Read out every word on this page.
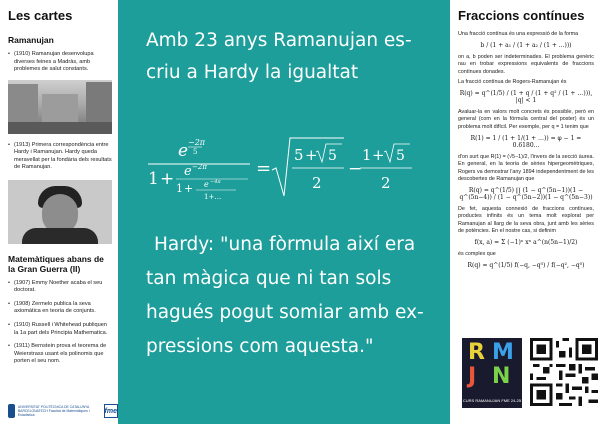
Les cartes
Ramanujan
• (1910) Ramanujan desenvolupa diverses feines a Madràs, amb problemes de salut constants.
• (1913) Primera correspondència entre Hardy i Ramanujan. Hardy queda meravellat per la fondària dels resultats de Ramanujan.
Matemàtiques abans de la Gran Guerra (II)
• (1907) Emmy Noether acaba el seu doctorat.
• (1908) Zermelo publica la seva axiomàtica en teoria de conjunts.
• (1910) Russell i Whitehead publiquen la 1a part dels Principia Mathematica.
• (1911) Bernstein prova el teorema de Weierstrass usant els polinomis que porten el seu nom.
UNIVERSITAT POLITÈCNICA DE CATALUNYA BARCELONATECH Facultat de Matemàtiques i Estadística
fme
Amb 23 anys Ramanujan es-
criu a Hardy la igualtat
e −2π
5
1 + e −2π
1 + e −4π
1+…
=
5 + 5
2
−
1 + 5
2
Hardy: "una fòrmula així era
tan màgica que ni tan sols
hagués pogut somiar amb ex-
pressions com aquesta."
Fraccions contínues
Una fracció contínua és una expressió de la forma
b / (1 + a₁ / (1 + a₂ / (1 + ...)))
on a, b poden ser indeterminades. El problema genèric rau en trobar expressions equivalents de fraccions contínues donades.
La fracció contínua de Rogers-Ramanujan és
R(q) = q^(1/5) / (1 + q / (1 + q² / (1 + …))), |q| < 1
Avaluar-la en valors molt concrets és possible, però en general (com en la fórmula central del poster) és un problema molt difícil. Per exemple, per q = 1 tenim que
R(1) = 1 / (1 + 1/(1 + …)) = φ − 1 = 0.6180...
d'on surt que R(1) = (√5−1)/2, l'invers de la secció àurea. En general, en la teoria de sèries hipergeomètriques, Rogers va demostrar l'any 1894 independentment de les descobertes de Ramanujan que
R(q) = q^(1/5) ∏ (1 − q^(5n−1))(1 − q^(5n−4)) / (1 − q^(5n−2))(1 − q^(5n−3))
De fet, aquesta connexió de fraccions contínues, productes infinits és un tema molt explorat per Ramanujan al llarg de la seva obra, junt amb les sèries de potències. En el nostre cas, si definim
f(x, a) = Σ (−1)ⁿ xⁿ a^(n(5n−1)/2)
és complex que
R(q) = q^(1/5) f(−q, −q⁵) / f(−q², −q⁵)
R M
J N
CURS RAMANUJAN FME 24-25
